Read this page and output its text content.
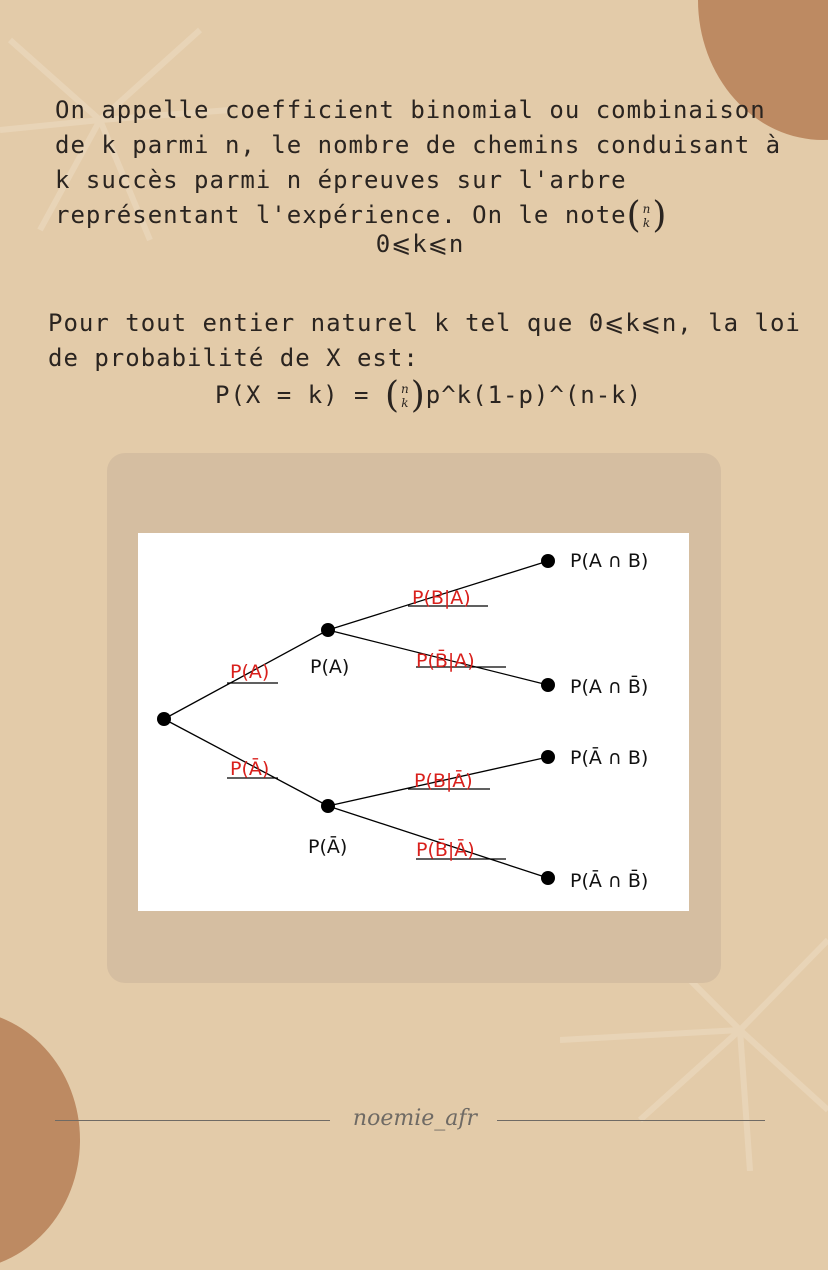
On appelle coefficient binomial ou combinaison
de k parmi n, le nombre de chemins conduisant à
k succès parmi n épreuves sur l'arbre
représentant l'expérience. On le note ( n
k )
0⩽k⩽n
Pour tout entier naturel k tel que 0⩽k⩽n, la loi
de probabilité de X est:
P(X = k) = ( n
k ) p^k(1-p)^(n-k)
P(A)
P(Ā)
P(B|A)
P(B̄|A)
P(B|Ā)
P(B̄|Ā)
P(A)
P(Ā)
P(A ∩ B)
P(A ∩ B̄)
P(Ā ∩ B)
P(Ā ∩ B̄)
noemie_afr
